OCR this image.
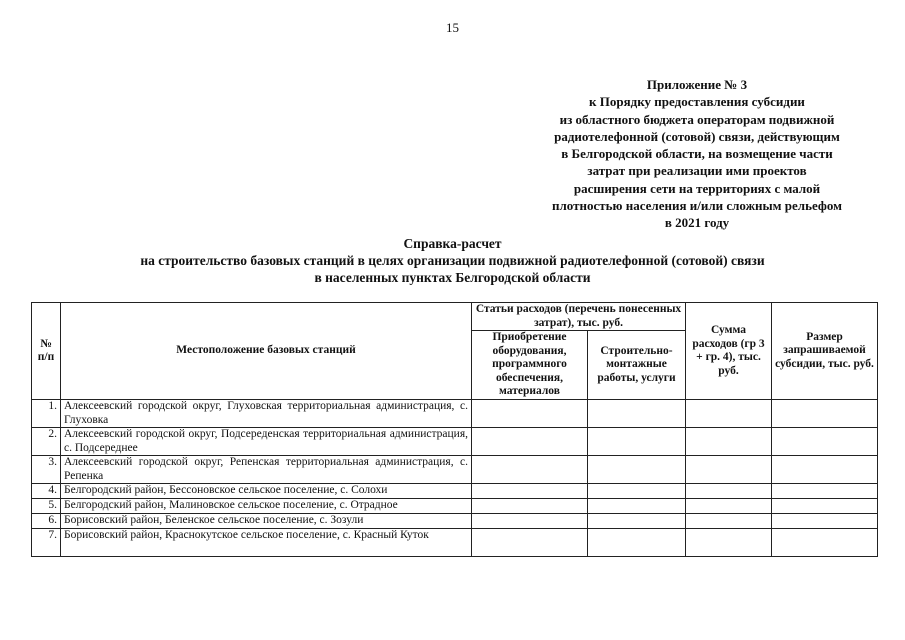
15
Приложение № 3
к Порядку предоставления субсидии
из областного бюджета операторам подвижной
радиотелефонной (сотовой) связи, действующим
в Белгородской области, на возмещение части
затрат при реализации ими проектов
расширения сети на территориях с малой
плотностью населения и/или сложным рельефом
в 2021 году
Справка-расчет
на строительство базовых станций в целях организации подвижной радиотелефонной (сотовой) связи
в населенных пунктах Белгородской области
№ п/п	Местоположение базовых станций	Статьи расходов (перечень понесенных затрат), тыс. руб.		Сумма расходов (гр 3 + гр. 4), тыс. руб.	Размер запрашиваемой субсидии, тыс. руб.
		Приобретение оборудования, программного обеспечения, материалов	Строительно-монтажные работы, услуги		
1.	Алексеевский городской округ, Глуховская территориальная администрация, с. Глуховка				
2.	Алексеевский городской округ, Подсереденская территориальная администрация, с. Подсереднее				
3.	Алексеевский городской округ, Репенская территориальная администрация, с. Репенка				
4.	Белгородский район, Бессоновское сельское поселение, с. Солохи				
5.	Белгородский район, Малиновское сельское поселение, с. Отрадное				
6.	Борисовский район, Беленское сельское поселение, с. Зозули				
7.	Борисовский район, Краснокутское сельское поселение, с. Красный Куток				
